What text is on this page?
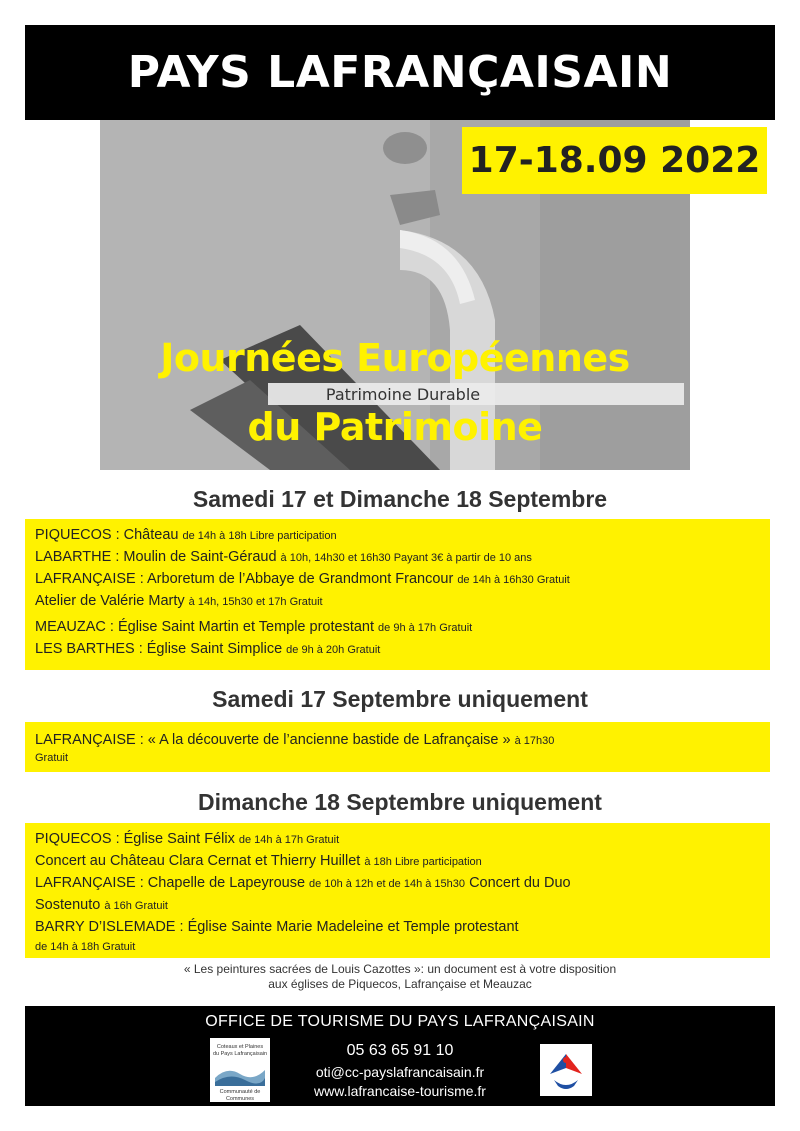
PAYS LAFRANÇAISAIN
17-18.09 2022
Journées Européennes
Patrimoine Durable
du Patrimoine
Samedi 17 et Dimanche 18 Septembre
PIQUECOS : Château de 14h à 18h Libre participation
LABARTHE : Moulin de Saint-Géraud à 10h, 14h30 et 16h30 Payant 3€ à partir de 10 ans
LAFRANÇAISE : Arboretum de l’Abbaye de Grandmont Francour de 14h à 16h30 Gratuit
Atelier de Valérie Marty à 14h, 15h30 et 17h Gratuit
MEAUZAC : Église Saint Martin et Temple protestant de 9h à 17h Gratuit
LES BARTHES : Église Saint Simplice de 9h à 20h Gratuit
Samedi 17 Septembre uniquement
LAFRANÇAISE : « A la découverte de l’ancienne bastide de Lafrançaise » à 17h30
Gratuit
Dimanche 18 Septembre uniquement
PIQUECOS : Église Saint Félix de 14h à 17h Gratuit
Concert au Château Clara Cernat et Thierry Huillet à 18h Libre participation
LAFRANÇAISE : Chapelle de Lapeyrouse de 10h à 12h et de 14h à 15h30 Concert du Duo
Sostenuto à 16h Gratuit
BARRY D’ISLEMADE : Église Sainte Marie Madeleine et Temple protestant
de 14h à 18h Gratuit
« Les peintures sacrées de Louis Cazottes »: un document est à votre disposition
aux églises de Piquecos, Lafrançaise et Meauzac
OFFICE DE TOURISME DU PAYS LAFRANÇAISAIN
Coteaux et Plaines
du Pays Lafrançaisain
Communauté de Communes
05 63 65 91 10
oti@cc-payslafrancaisain.fr
www.lafrancaise-tourisme.fr
